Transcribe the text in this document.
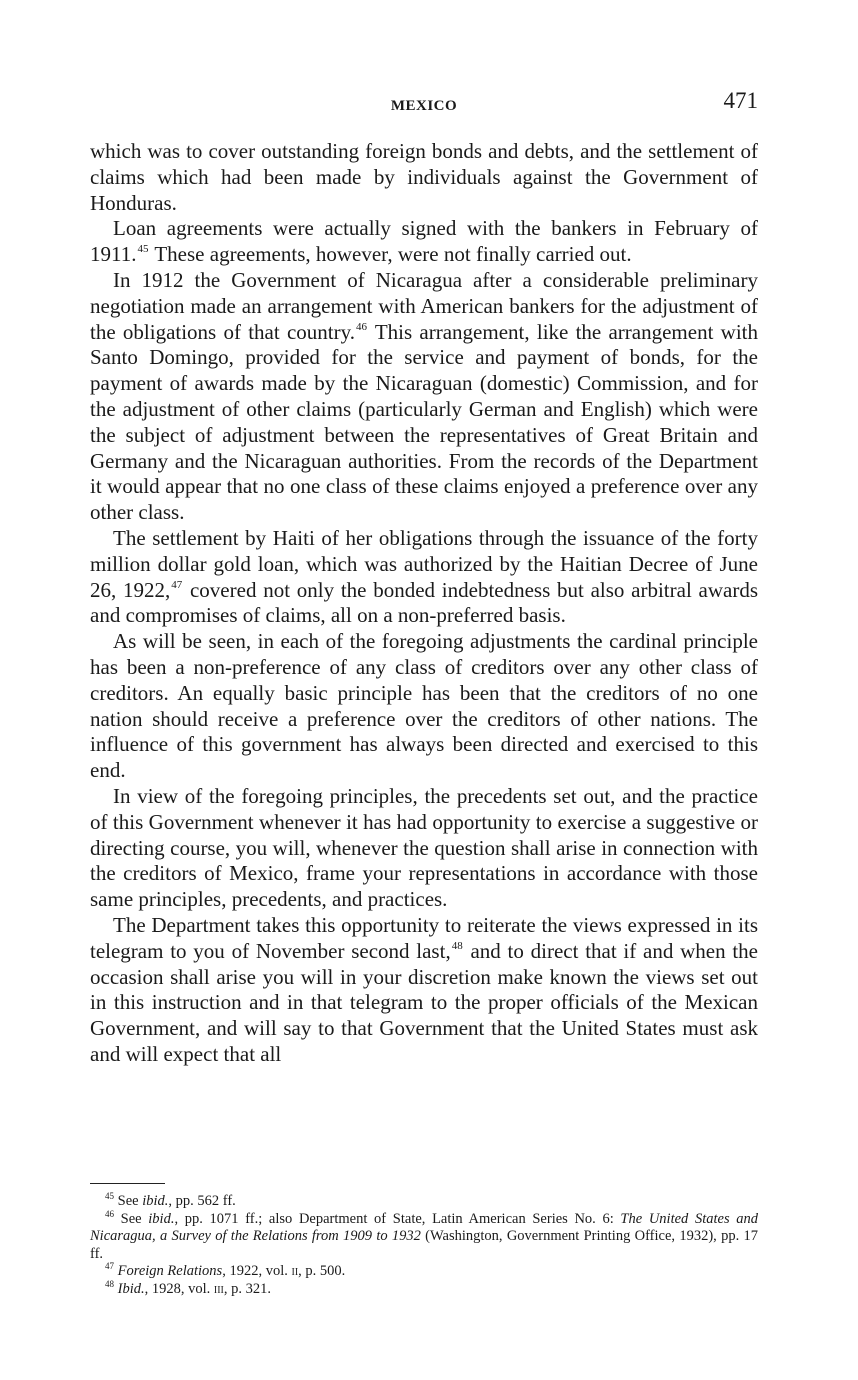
MEXICO	471

which was to cover outstanding foreign bonds and debts, and the settlement of claims which had been made by individuals against the Government of Honduras.

Loan agreements were actually signed with the bankers in February of 1911.45 These agreements, however, were not finally carried out.

In 1912 the Government of Nicaragua after a considerable preliminary negotiation made an arrangement with American bankers for the adjustment of the obligations of that country.$^{46}$ This arrangement, like the arrangement with Santo Domingo, provided for the service and payment of bonds, for the payment of awards made by the Nicaraguan (domestic) Commission, and for the adjustment of other claims (particularly German and English) which were the subject of adjustment between the representatives of Great Britain and Germany and the Nicaraguan authorities. From the records of the Department it would appear that no one class of these claims enjoyed a preference over any other class.

The settlement by Haiti of her obligations through the issuance of the forty million dollar gold loan, which was authorized by the Haitian Decree of June 26, 1922,47 covered not only the bonded indebtedness but also arbitral awards and compromises of claims, all on a non-preferred basis.

As will be seen, in each of the foregoing adjustments the cardinal principle has been a non-preference of any class of creditors over any other class of creditors. An equally basic principle has been that the creditors of no one nation should receive a preference over the creditors of other nations. The influence of this government has always been directed and exercised to this end.

In view of the foregoing principles, the precedents set out, and the practice of this Government whenever it has had opportunity to exercise a suggestive or directing course, you will, whenever the question shall arise in connection with the creditors of Mexico, frame your representations in accordance with those same principles, precedents, and practices.

The Department takes this opportunity to reiterate the views expressed in its telegram to you of November second last,$^{48}$ and to direct that if and when the occasion shall arise you will in your discretion make known the views set out in this instruction and in that telegram to the proper officials of the Mexican Government, and will say to that Government that the United States must ask and will expect that all

$^{45}$ See ibid., pp. 562 ff.

$^{46}$ See ibid., pp. 1071 ff.; also Department of State, Latin American Series No. 6: The United States and Nicaragua, a Survey of the Relations from 1909 to 1932 (Washington, Government Printing Office, 1932), pp. 17 ff.

$^{47}$ Foreign Relations, 1922, vol. ii, p. 500.

$^{48}$ Ibid., 1928, vol. iii, p. 321.
